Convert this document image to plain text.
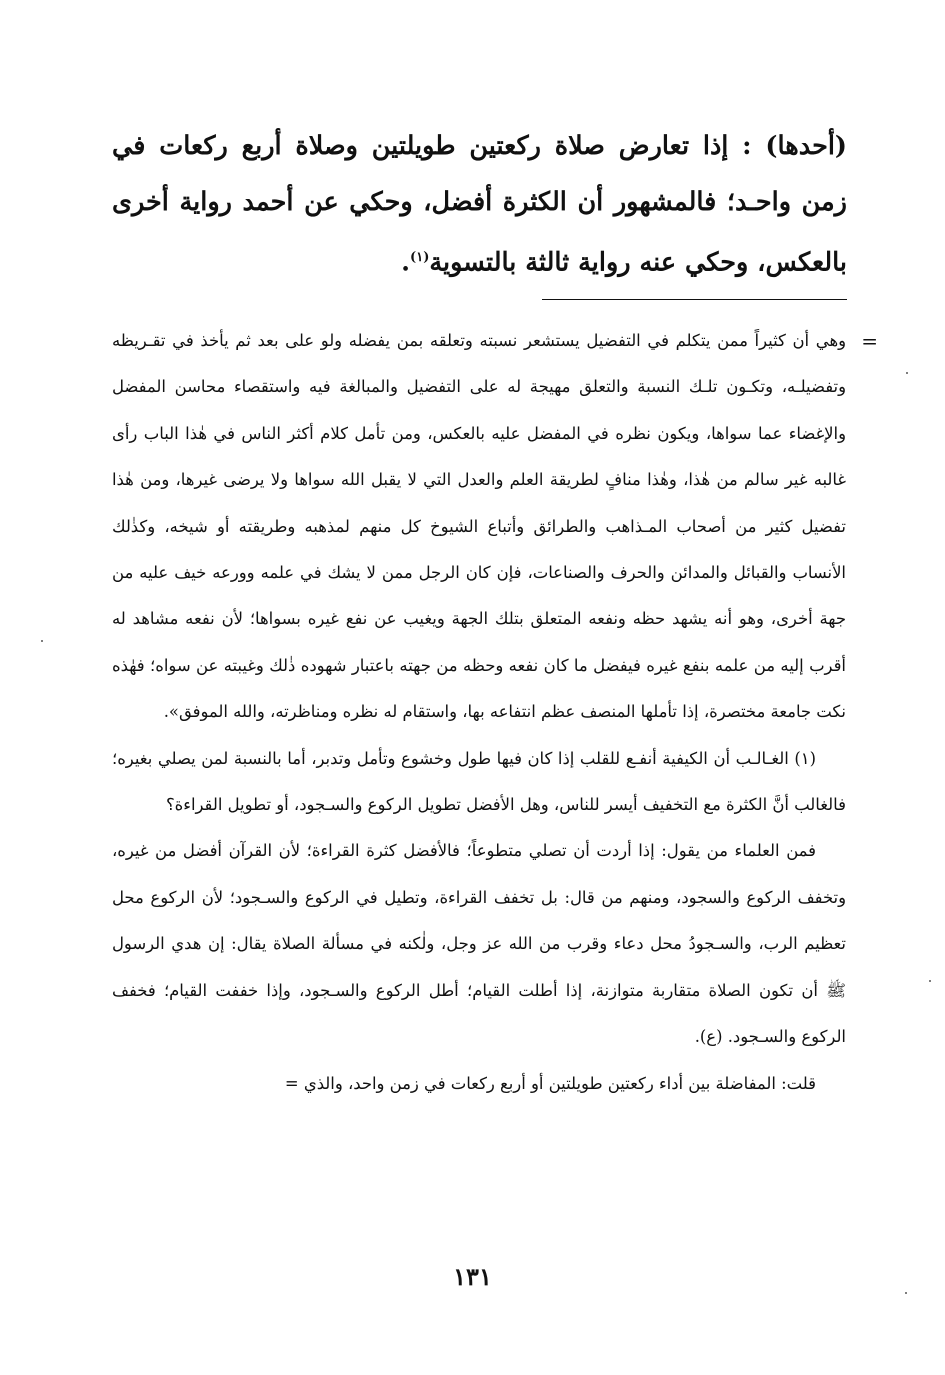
(أحدها) : إذا تعارض صلاة ركعتين طويلتين وصلاة أربع ركعات في زمن واحـد؛ فالمشهور أن الكثرة أفضل، وحكي عن أحمد رواية أخرى بالعكس، وحكي عنه رواية ثالثة بالتسوية$^{(١)}$.

=
وهي أن كثيراً ممن يتكلم في التفضيل يستشعر نسبته وتعلقه بمن يفضله ولو على بعد ثم يأخذ في تقـريظه وتفضيلـه، وتكـون تلـك النسبة والتعلق مهيجة له على التفضيل والمبالغة فيه واستقصاء محاسن المفضل والإغضاء عما سواها، ويكون نظره في المفضل عليه بالعكس، ومن تأمل كلام أكثر الناس في هٰذا الباب رأى غالبه غير سالم من هٰذا، وهٰذا منافٍ لطريقة العلم والعدل التي لا يقبل الله سواها ولا يرضى غيرها، ومن هٰذا تفضيل كثير من أصحاب المـذاهب والطرائق وأتباع الشيوخ كل منهم لمذهبه وطريقته أو شيخه، وكذٰلك الأنساب والقبائل والمدائن والحرف والصناعات، فإن كان الرجل ممن لا يشك في علمه وورعه خيف عليه من جهة أخرى، وهو أنه يشهد حظه ونفعه المتعلق بتلك الجهة ويغيب عن نفع غيره بسواها؛ لأن نفعه مشاهد له أقرب إليه من علمه بنفع غيره فيفضل ما كان نفعه وحظه من جهته باعتبار شهوده ذٰلك وغيبته عن سواه؛ فهٰذه نكت جامعة مختصرة، إذا تأملها المنصف عظم انتفاعه بها، واستقام له نظره ومناظرته، والله الموفق».

(١) الغـالـب أن الكيفية أنفـع للقلب إذا كان فيها طول وخشوع وتأمل وتدبر، أما بالنسبة لمن يصلي بغيره؛ فالغالب أنَّ الكثرة مع التخفيف أيسر للناس، وهل الأفضل تطويل الركوع والسـجود، أو تطويل القراءة؟

فمن العلماء من يقول: إذا أردت أن تصلي متطوعاً؛ فالأفضل كثرة القراءة؛ لأن القرآن أفضل من غيره، وتخفف الركوع والسجود، ومنهم من قال: بل تخفف القراءة، وتطيل في الركوع والسـجود؛ لأن الركوع محل تعظيم الرب، والسـجودُ محل دعاء وقرب من الله عز وجل، ولٰكنه في مسألة الصلاة يقال: إن هدي الرسول ﷺ أن تكون الصلاة متقاربة متوازنة، إذا أطلت القيام؛ أطل الركوع والسـجود، وإذا خففت القيام؛ فخفف الركوع والسـجود. (ع).

قلت: المفاضلة بين أداء ركعتين طويلتين أو أربع ركعات في زمن واحد، والذي =

١٣١
